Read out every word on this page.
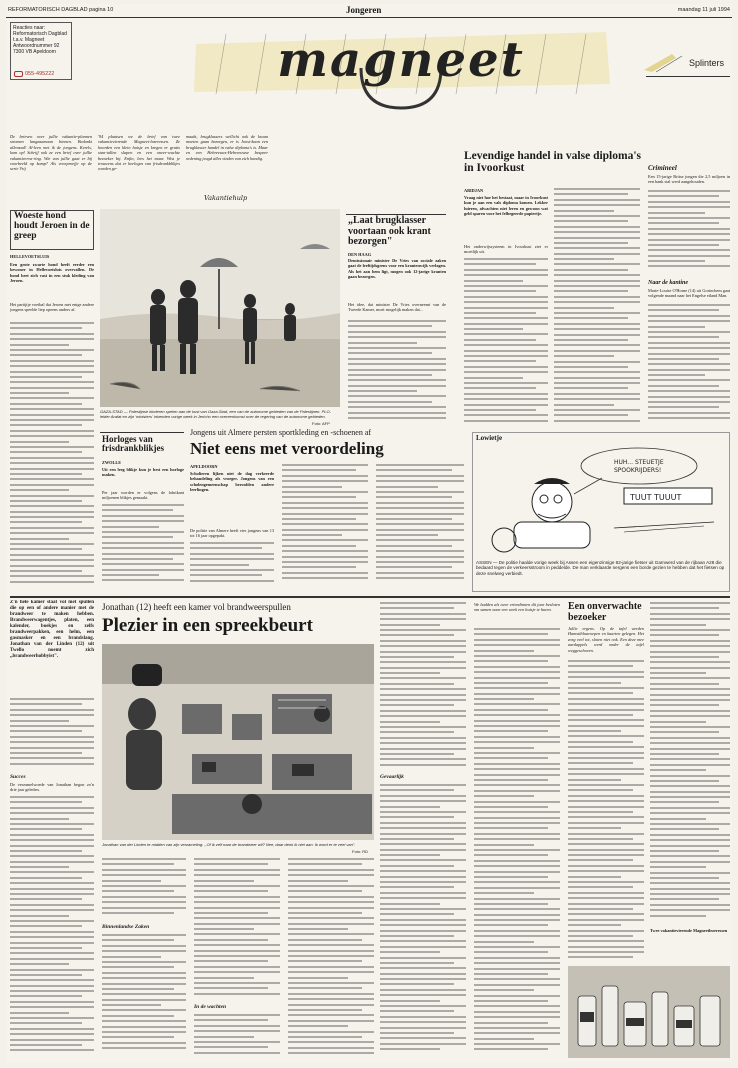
REFORMATORISCH DAGBLAD pagina 10	Jongeren	maandag 11 juli 1994
Reacties naar:
Reformatorisch Dagblad
t.a.v. Magneet
Antwoordnummer 92
7300 VB Apeldoorn
055-495222	magneet	Splinters
De brieven over jullie vakantie-plannen stromen langzaamaan binnen. Bedankt allemaal! Al-leen met ik de jongens. Kerels, kom op! Schrijf ook ze een brief over jullie vakantieerva-ring. Wie van jullie gaat er bij voorbeeld op kamp? Als voorproefje op de serie Vrij
'94 plaatsen we de brief van twee vakantievierende Magneet-lezeressen. Ze hoorden een klein huisje en kregen er gratis stan-tallen slapen en een onver-wachte bezoeker bij. Enfin, lees het maar. Wist je trouwens dat er horloges van frisdrankblikjes worden ge-
maakt, brugklassers wellicht ook de kraan moeten gaan bezorgen, er is Joost-kaan een brugklasser handel in valse diploma's is. Maar en een Hebreeuws-Hebreeuwse bespeer ordening jeugd alles vinden van zich handig.
Vakantiehulp
Woeste hond houdt Jeroen in de greep
HELLEVOETSLUIS
Een grote zwarte hond heeft eerder een bewoner in Hellevoetsluis overvallen. De hond beet zich vast in een stuk kleding van Jeroen.
Het partijtje voetbal dat Jeroen met enige andere jongens speelde liep opeens anders af.
GAZA-STAD — Palestijnse kinderen spelen aan de kust van Gaza-Stad, een van de autonome gebieden van de Palestijnen. PLO-leider Arafat en zijn 'ministers' inkenden vorige week in Jericho een overeenkomst over de regering van de autonome gebieden.
Foto: AFP
„Laat brugklasser voortaan ook krant bezorgen"
DEN HAAG
Demissionair minister De Vries van sociale zaken gaat de leeftijdsgrens voor een krantenwijk verlagen. Als het aan hem ligt, mogen ook 12-jarige kranten gaan bezorgen.
Het idee, dat minister De Vries overneemt van de Tweede Kamer, moet mogelijk maken dat...
Levendige handel in valse diploma's in Ivoorkust
ABIDJAN
Vraag niet hoe het bestaat, maar in Ivoorkust kun je aan een vals diploma komen. Lekker luieren, afwachten niet leren en gewoon wat geld sparen voor het felbegeerde papiertje.
Het onderwijssysteem in Ivoorkust ziet er moeilijk uit.
Crimineel
Een 15-jarige Britse jongen die 2,5 miljoen in een bank stal werd aangehouden.
Naar de kantine
Marie-Louise O'Horne (14) uit Gorinchem gaat volgende maand naar het Engelse eiland Man.
Horloges van frisdrankblikjes
ZWOLLE
Uit een leeg blikje kun je best een horloge maken.
Per jaar worden er volgens de fabrikant miljoenen blikjes gemaakt.
Jongens uit Almere persten sportkleding en -schoenen af
Niet eens met veroordeling
APELDOORN
Scholieren lijken niet de dag verkeerde behandeling als vroeger. Jongens van een scholengemeenschap beroofden andere leerlingen.
De politie van Almere heeft vier jongens van 13 tot 16 jaar opgepakt.
Lowietje
HUH... STEUETJE
SPOOKRIJDERS!
TUUT TUUUT
ASSEN — De politie haalde vorige week bij Assen een eigenzinnige 82-jarige fietser uit Garnwerd van de rijbaan A28 die bedaard tegen de verkeersstroom in peddelde. De man verklaarde nergens een borde gezien te hebben dat het fietsen op deze snelweg verbiedt.
Z'n hele kamer staat vol met spullen die op een of andere manier met de brandweer te maken hebben. Brandweerwagentjes, platen, een kalender, boekjes en zelfs brandweerpakken, een helm, een gasmasker en een brandslang. Jonathan van der Linden (12) uit Twello noemt zich ,,brandweerhobbyist".
Succes
De verzamelwoede van Jonathan begon zo'n drie jaar geleden.
Jonathan (12) heeft een kamer vol brandweerspullen
Plezier in een spreekbeurt
Jonathan van der Linden te midden van zijn verzameling: ,,Of ik zelf naar de brandweer wil? Nee, daar denk ik niet aan. Ik word er te veel van".
Foto: RD
Binnenlandse Zaken
In de wachten
Gevaarlijk
We hadden als twee vriendinnen dit jaar besloten om samen naar een week een huisje te huren.	Een onverwachte bezoeker
Jullie ergens. Op de tafel werden Hamstiblaavoepen en kaarten gelegen. Het zorg veel tot, sloten niet ook. Een deze mee aardappels werd onder de tafel weggeschoven.
Twee vakantievierende Magneetlezeressen
